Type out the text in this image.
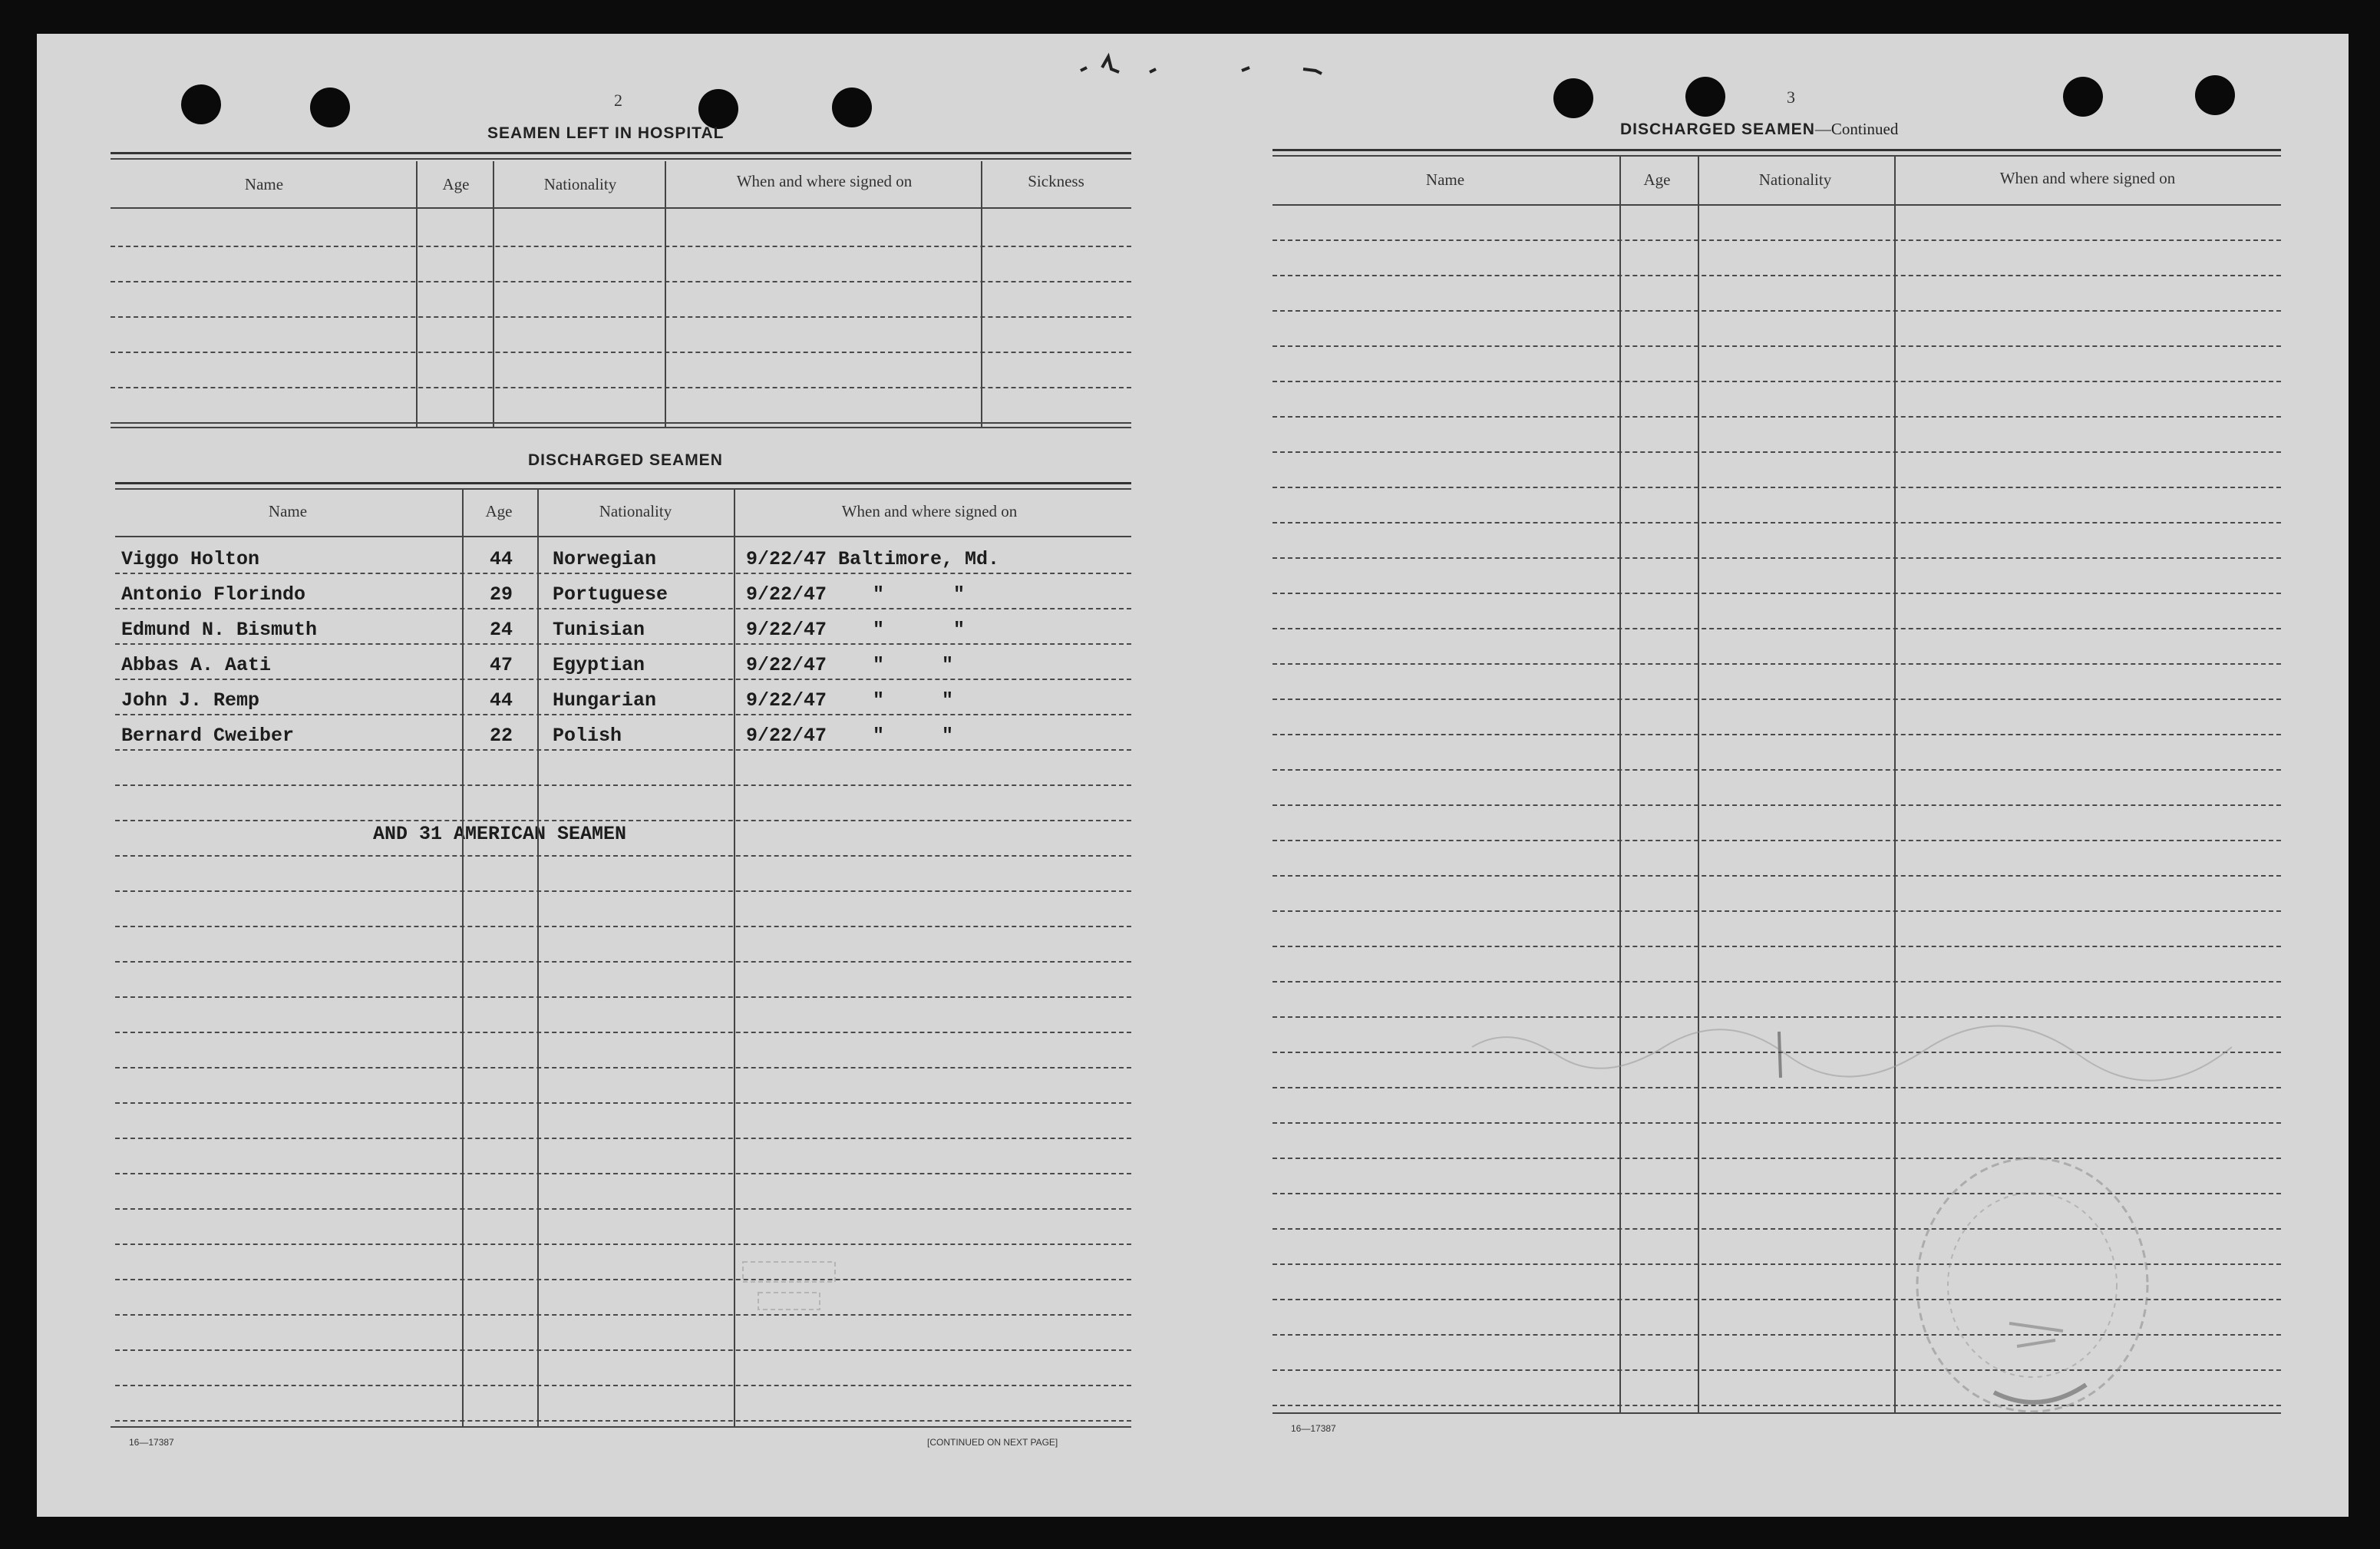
2
SEAMEN LEFT IN HOSPITAL
Name	Age	Nationality	When and where signed on	Sickness
DISCHARGED SEAMEN
Name	Age	Nationality	When and where signed on
Viggo Holton	44 Norwegian	9/22/47 Baltimore, Md.
Antonio Florindo	29 Portuguese	9/22/47    "      "
Edmund N. Bismuth	24 Tunisian	9/22/47    "      "
Abbas A. Aati	47 Egyptian	9/22/47    "     "
John J. Remp	44 Hungarian	9/22/47    "     "
Bernard Cweiber	22 Polish	9/22/47    "     "
AND 31 AMERICAN SEAMEN
16—17387	[CONTINUED ON NEXT PAGE]
3
DISCHARGED SEAMEN—Continued
Name	Age	Nationality	When and where signed on
16—17387
